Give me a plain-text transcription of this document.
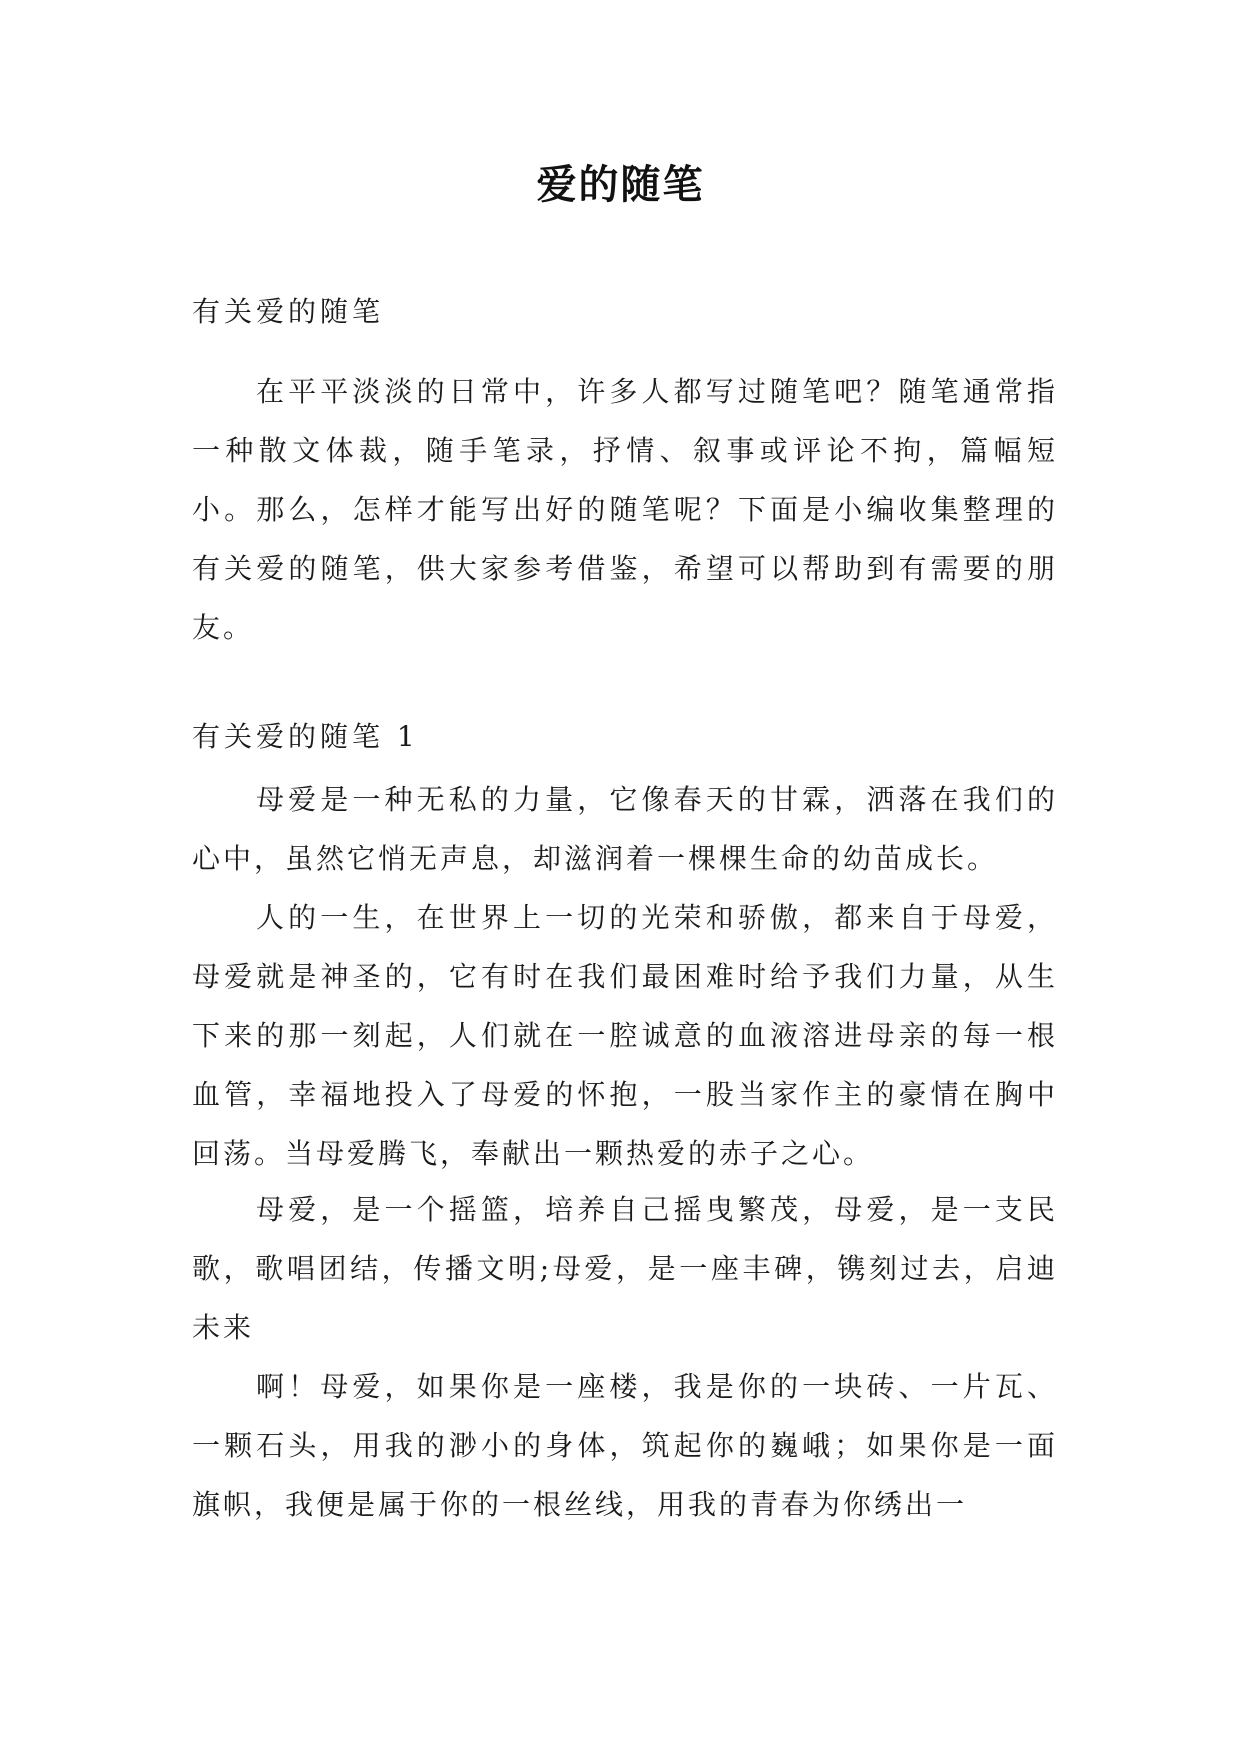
爱的随笔
有关爱的随笔

在平平淡淡的日常中，许多人都写过随笔吧？随笔通常指一种散文体裁，随手笔录，抒情、叙事或评论不拘，篇幅短小。那么，怎样才能写出好的随笔呢？下面是小编收集整理的有关爱的随笔，供大家参考借鉴，希望可以帮助到有需要的朋友。

有关爱的随笔 1

母爱是一种无私的力量，它像春天的甘霖，洒落在我们的心中，虽然它悄无声息，却滋润着一棵棵生命的幼苗成长。

人的一生，在世界上一切的光荣和骄傲，都来自于母爱，母爱就是神圣的，它有时在我们最困难时给予我们力量，从生下来的那一刻起，人们就在一腔诚意的血液溶进母亲的每一根血管，幸福地投入了母爱的怀抱，一股当家作主的豪情在胸中回荡。当母爱腾飞，奉献出一颗热爱的赤子之心。

母爱，是一个摇篮，培养自己摇曳繁茂，母爱，是一支民歌，歌唱团结，传播文明;母爱，是一座丰碑，镌刻过去，启迪未来

啊！母爱，如果你是一座楼，我是你的一块砖、一片瓦、一颗石头，用我的渺小的身体，筑起你的巍峨；如果你是一面旗帜，我便是属于你的一根丝线，用我的青春为你绣出一
